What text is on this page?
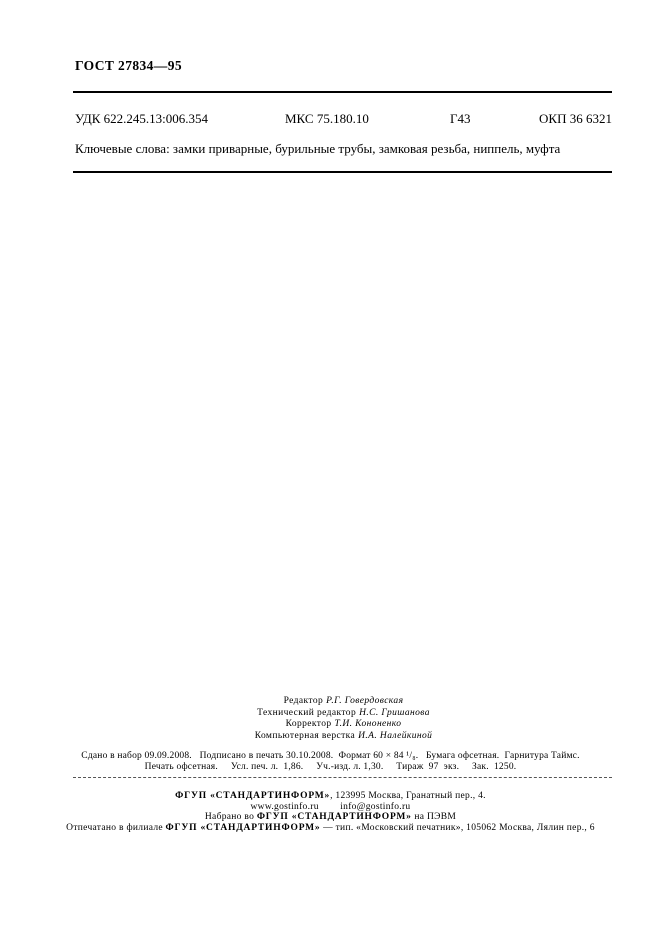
ГОСТ 27834—95
УДК 622.245.13:006.354	МКС 75.180.10	Г43	ОКП 36 6321
Ключевые слова: замки приварные, бурильные трубы, замковая резьба, ниппель, муфта
Редактор Р.Г. Говердовская
Технический редактор Н.С. Гришанова
Корректор Т.И. Кононенко
Компьютерная верстка И.А. Налейкиной
Сдано в набор 09.09.2008.   Подписано в печать 30.10.2008.  Формат 60 × 84 ¹/₈.   Бумага офсетная.  Гарнитура Таймс.
Печать офсетная.     Усл. печ. л.  1,86.     Уч.-изд. л. 1,30.     Тираж  97  экз.     Зак.  1250.
ФГУП «СТАНДАРТИНФОРМ», 123995 Москва, Гранатный пер., 4.
www.gostinfo.ru info@gostinfo.ru
Набрано во ФГУП «СТАНДАРТИНФОРМ» на ПЭВМ
Отпечатано в филиале ФГУП «СТАНДАРТИНФОРМ» — тип. «Московский печатник», 105062 Москва, Лялин пер., 6
